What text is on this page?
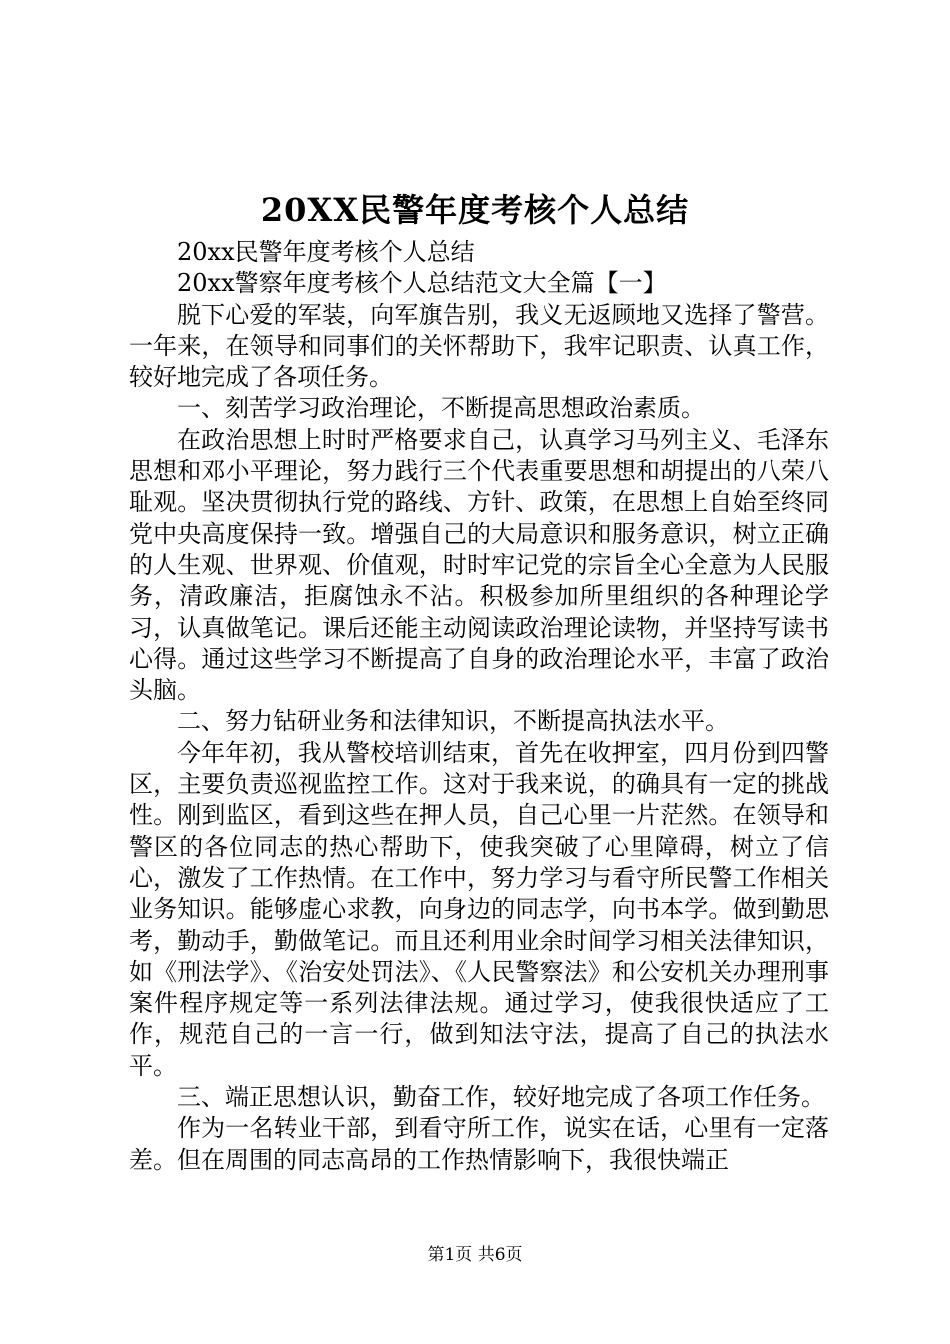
20XX民警年度考核个人总结

20xx民警年度考核个人总结

20xx警察年度考核个人总结范文大全篇【一】

脱下心爱的军装，向军旗告别，我义无返顾地又选择了警营。一年来，在领导和同事们的关怀帮助下，我牢记职责、认真工作，较好地完成了各项任务。

一、刻苦学习政治理论，不断提高思想政治素质。

在政治思想上时时严格要求自己，认真学习马列主义、毛泽东思想和邓小平理论，努力践行三个代表重要思想和胡提出的八荣八耻观。坚决贯彻执行党的路线、方针、政策，在思想上自始至终同党中央高度保持一致。增强自己的大局意识和服务意识，树立正确的人生观、世界观、价值观，时时牢记党的宗旨全心全意为人民服务，清政廉洁，拒腐蚀永不沾。积极参加所里组织的各种理论学习，认真做笔记。课后还能主动阅读政治理论读物，并坚持写读书心得。通过这些学习不断提高了自身的政治理论水平，丰富了政治头脑。

二、努力钻研业务和法律知识，不断提高执法水平。

今年年初，我从警校培训结束，首先在收押室，四月份到四警区，主要负责巡视监控工作。这对于我来说，的确具有一定的挑战性。刚到监区，看到这些在押人员，自己心里一片茫然。在领导和警区的各位同志的热心帮助下，使我突破了心里障碍，树立了信心，激发了工作热情。在工作中，努力学习与看守所民警工作相关业务知识。能够虚心求教，向身边的同志学，向书本学。做到勤思考，勤动手，勤做笔记。而且还利用业余时间学习相关法律知识，如《刑法学》、《治安处罚法》、《人民警察法》和公安机关办理刑事案件程序规定等一系列法律法规。通过学习，使我很快适应了工作，规范自己的一言一行，做到知法守法，提高了自己的执法水平。

三、端正思想认识，勤奋工作，较好地完成了各项工作任务。

作为一名转业干部，到看守所工作，说实在话，心里有一定落差。但在周围的同志高昂的工作热情影响下，我很快端正

第1页 共6页
